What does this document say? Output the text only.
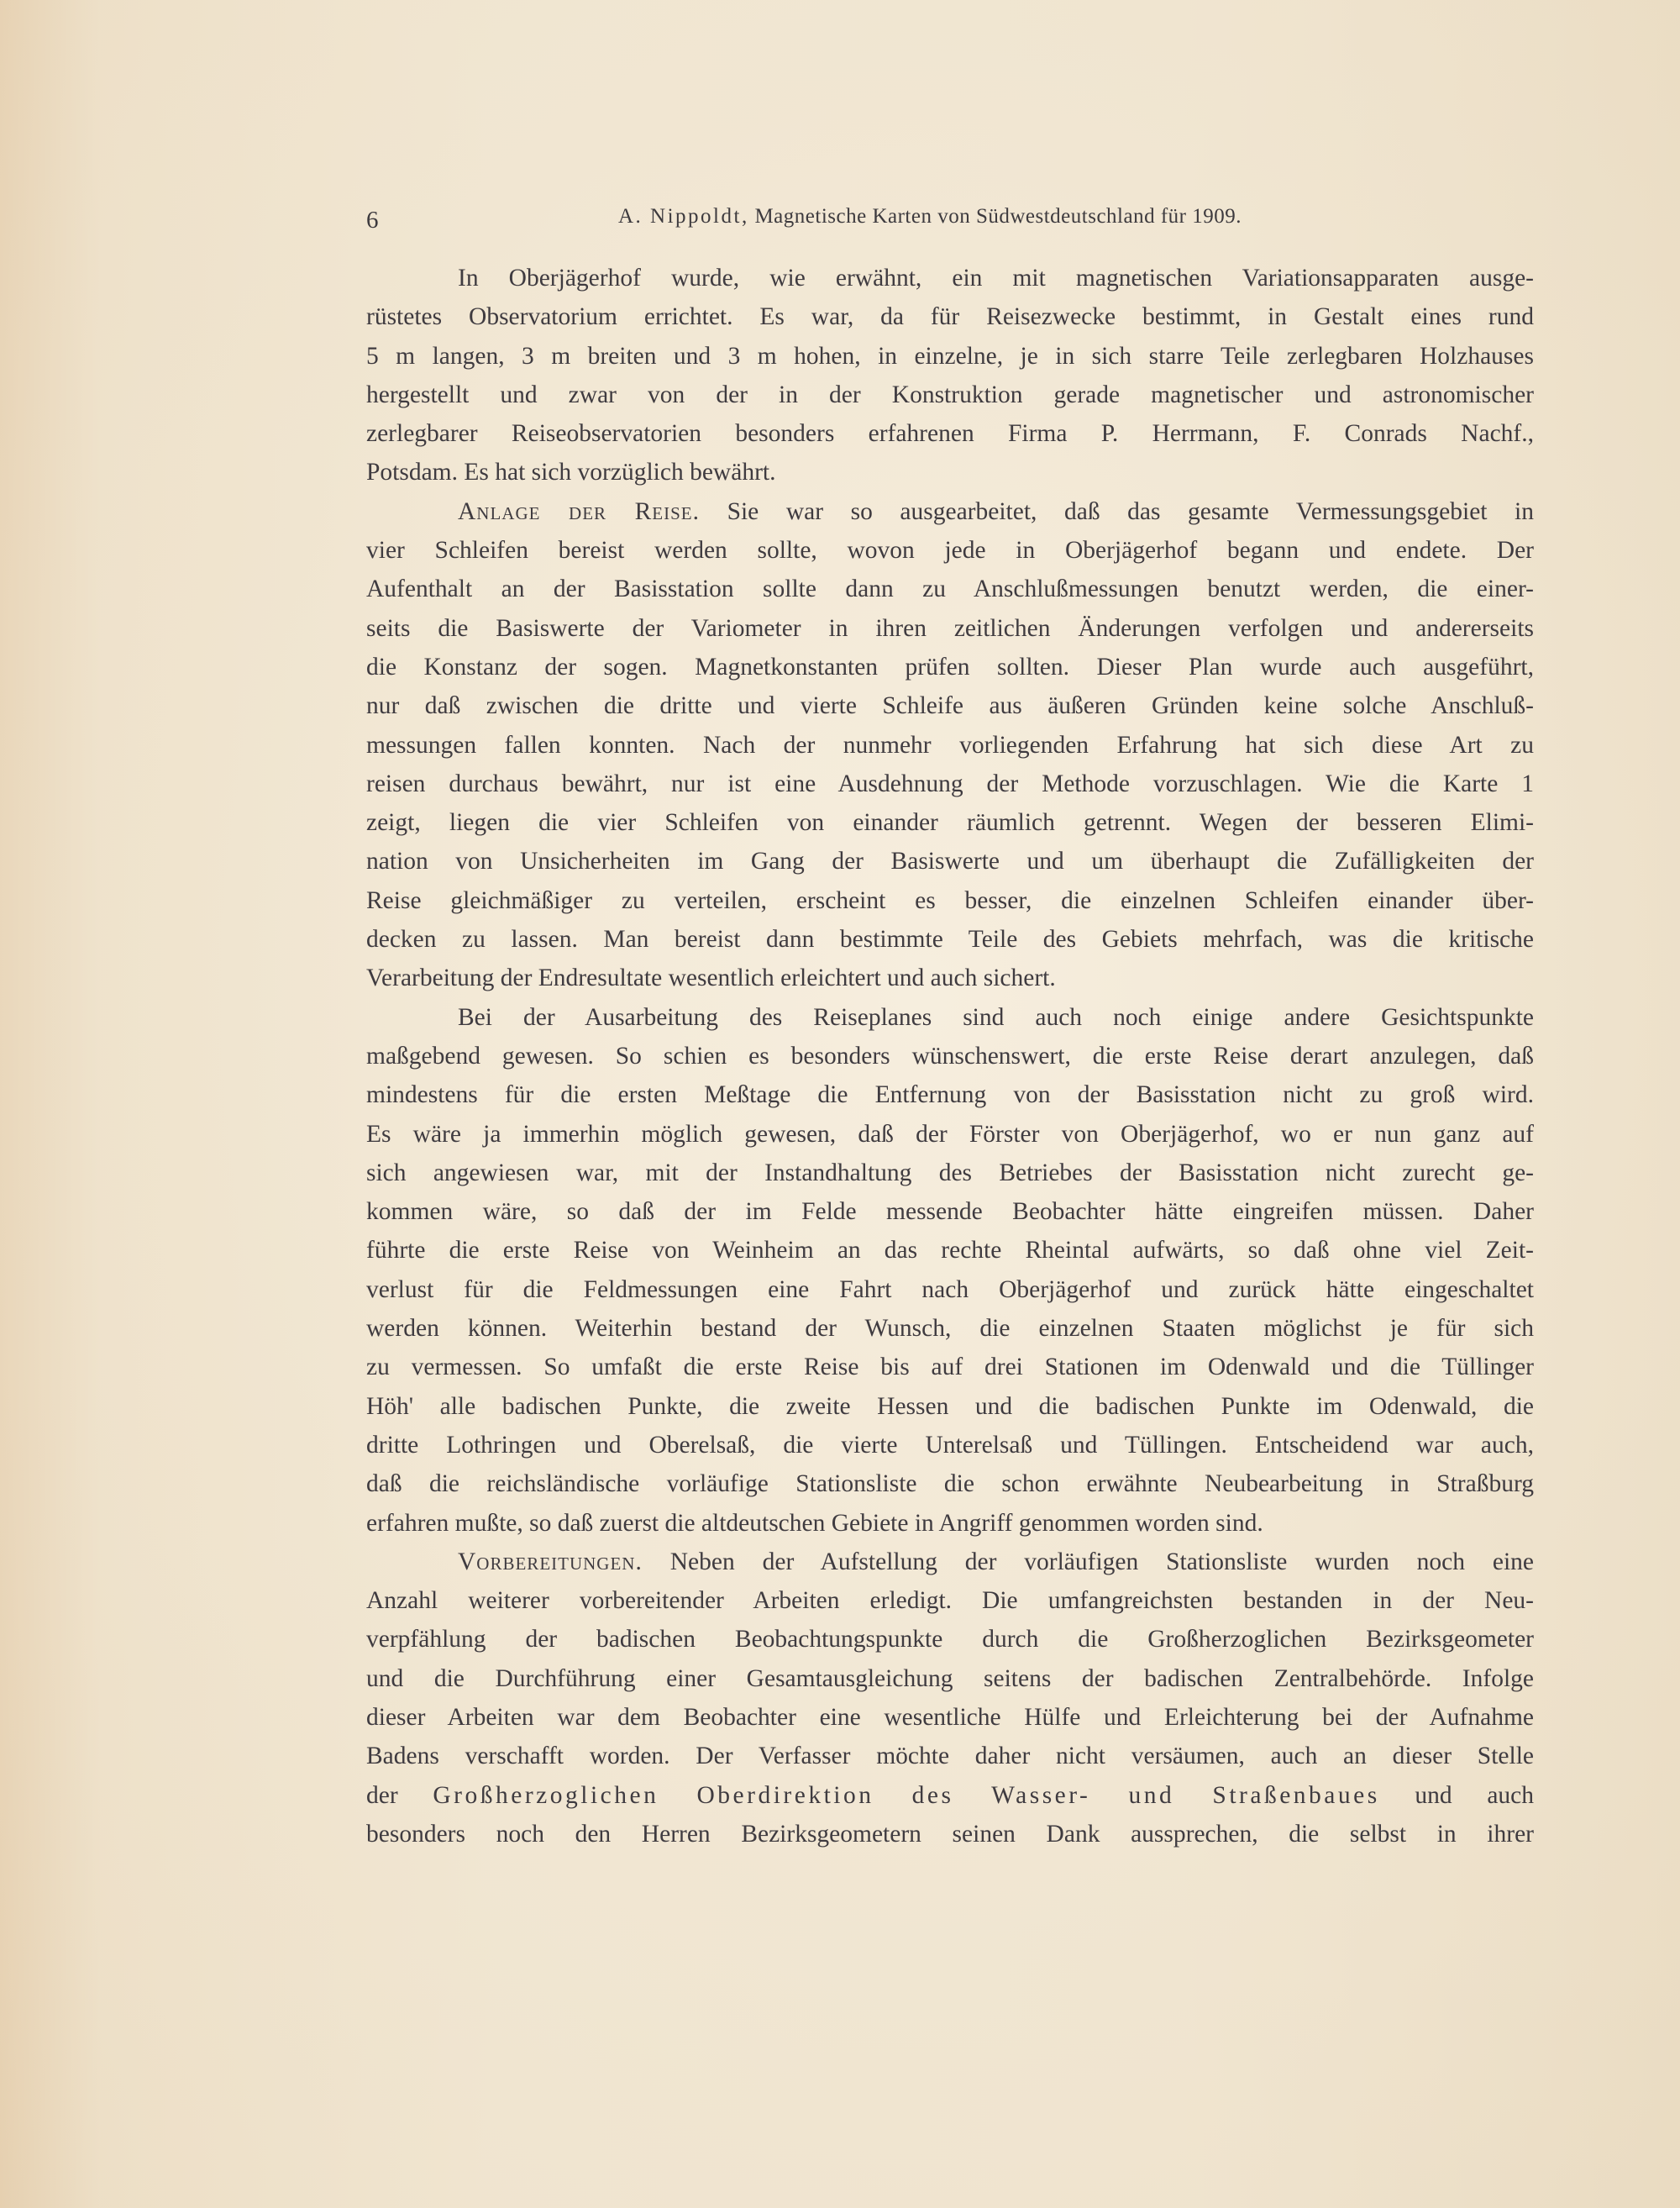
6	A. Nippoldt, Magnetische Karten von Südwestdeutschland für 1909.
In Oberjägerhof wurde, wie erwähnt, ein mit magnetischen Variationsapparaten ausge-
rüstetes Observatorium errichtet. Es war, da für Reisezwecke bestimmt, in Gestalt eines rund
5 m langen, 3 m breiten und 3 m hohen, in einzelne, je in sich starre Teile zerlegbaren Holzhauses
hergestellt und zwar von der in der Konstruktion gerade magnetischer und astronomischer
zerlegbarer Reiseobservatorien besonders erfahrenen Firma P. Herrmann, F. Conrads Nachf.,
Potsdam. Es hat sich vorzüglich bewährt.
Anlage der Reise. Sie war so ausgearbeitet, daß das gesamte Vermessungsgebiet in
vier Schleifen bereist werden sollte, wovon jede in Oberjägerhof begann und endete. Der
Aufenthalt an der Basisstation sollte dann zu Anschlußmessungen benutzt werden, die einer-
seits die Basiswerte der Variometer in ihren zeitlichen Änderungen verfolgen und andererseits
die Konstanz der sogen. Magnetkonstanten prüfen sollten. Dieser Plan wurde auch ausgeführt,
nur daß zwischen die dritte und vierte Schleife aus äußeren Gründen keine solche Anschluß-
messungen fallen konnten. Nach der nunmehr vorliegenden Erfahrung hat sich diese Art zu
reisen durchaus bewährt, nur ist eine Ausdehnung der Methode vorzuschlagen. Wie die Karte 1
zeigt, liegen die vier Schleifen von einander räumlich getrennt. Wegen der besseren Elimi-
nation von Unsicherheiten im Gang der Basiswerte und um überhaupt die Zufälligkeiten der
Reise gleichmäßiger zu verteilen, erscheint es besser, die einzelnen Schleifen einander über-
decken zu lassen. Man bereist dann bestimmte Teile des Gebiets mehrfach, was die kritische
Verarbeitung der Endresultate wesentlich erleichtert und auch sichert.
Bei der Ausarbeitung des Reiseplanes sind auch noch einige andere Gesichtspunkte
maßgebend gewesen. So schien es besonders wünschenswert, die erste Reise derart anzulegen, daß
mindestens für die ersten Meßtage die Entfernung von der Basisstation nicht zu groß wird.
Es wäre ja immerhin möglich gewesen, daß der Förster von Oberjägerhof, wo er nun ganz auf
sich angewiesen war, mit der Instandhaltung des Betriebes der Basisstation nicht zurecht ge-
kommen wäre, so daß der im Felde messende Beobachter hätte eingreifen müssen. Daher
führte die erste Reise von Weinheim an das rechte Rheintal aufwärts, so daß ohne viel Zeit-
verlust für die Feldmessungen eine Fahrt nach Oberjägerhof und zurück hätte eingeschaltet
werden können. Weiterhin bestand der Wunsch, die einzelnen Staaten möglichst je für sich
zu vermessen. So umfaßt die erste Reise bis auf drei Stationen im Odenwald und die Tüllinger
Höh' alle badischen Punkte, die zweite Hessen und die badischen Punkte im Odenwald, die
dritte Lothringen und Oberelsaß, die vierte Unterelsaß und Tüllingen. Entscheidend war auch,
daß die reichsländische vorläufige Stationsliste die schon erwähnte Neubearbeitung in Straßburg
erfahren mußte, so daß zuerst die altdeutschen Gebiete in Angriff genommen worden sind.
Vorbereitungen. Neben der Aufstellung der vorläufigen Stationsliste wurden noch eine
Anzahl weiterer vorbereitender Arbeiten erledigt. Die umfangreichsten bestanden in der Neu-
verpfählung der badischen Beobachtungspunkte durch die Großherzoglichen Bezirksgeometer
und die Durchführung einer Gesamtausgleichung seitens der badischen Zentralbehörde. Infolge
dieser Arbeiten war dem Beobachter eine wesentliche Hülfe und Erleichterung bei der Aufnahme
Badens verschafft worden. Der Verfasser möchte daher nicht versäumen, auch an dieser Stelle
der Großherzoglichen Oberdirektion des Wasser- und Straßenbaues und auch
besonders noch den Herren Bezirksgeometern seinen Dank aussprechen, die selbst in ihrer
